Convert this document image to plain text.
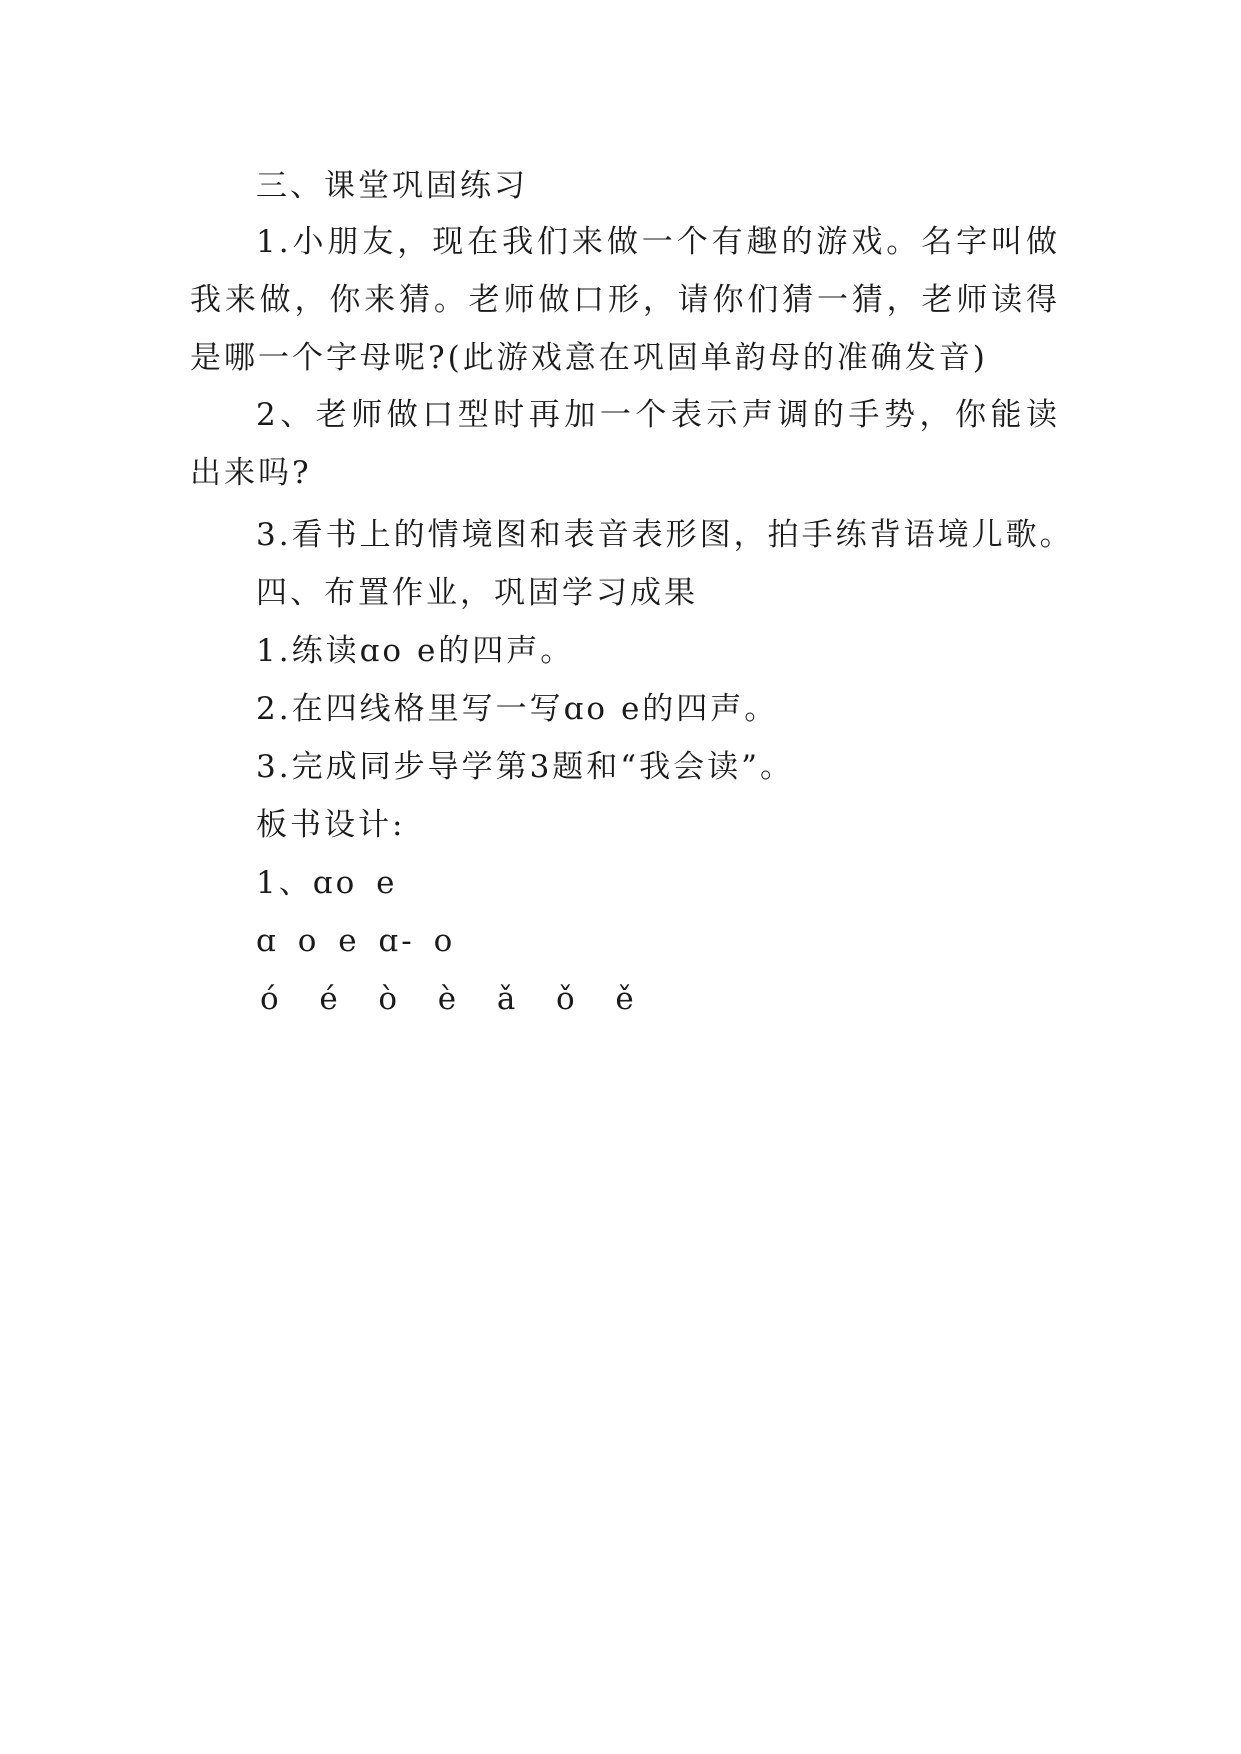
三、课堂巩固练习
1.小朋友，现在我们来做一个有趣的游戏。名字叫做我来做，你来猜。老师做口形，请你们猜一猜，老师读得是哪一个字母呢?(此游戏意在巩固单韵母的准确发音)
2、老师做口型时再加一个表示声调的手势，你能读出来吗?
3.看书上的情境图和表音表形图，拍手练背语境儿歌。
四、布置作业，巩固学习成果
1.练读ɑo e的四声。
2.在四线格里写一写ɑo e的四声。
3.完成同步导学第3题和“我会读”。
板书设计:
1、ɑo e
ɑ o e ɑ- o
ó  é  ò  è  ǎ  ǒ  ě
